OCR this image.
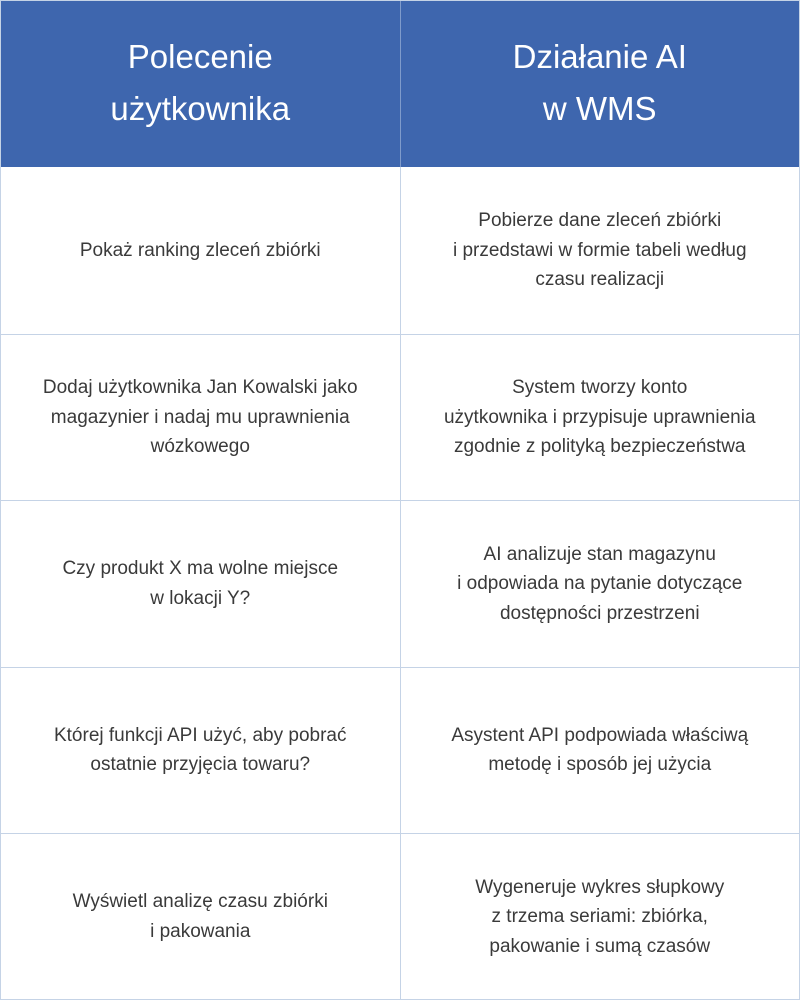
Polecenie
użytkownika
Działanie AI
w WMS
Pokaż ranking zleceń zbiórki
Pobierze dane zleceń zbiórki
i przedstawi w formie tabeli według
czasu realizacji
Dodaj użytkownika Jan Kowalski jako
magazynier i nadaj mu uprawnienia
wózkowego
System tworzy konto
użytkownika i przypisuje uprawnienia
zgodnie z polityką bezpieczeństwa
Czy produkt X ma wolne miejsce
w lokacji Y?
AI analizuje stan magazynu
i odpowiada na pytanie dotyczące
dostępności przestrzeni
Której funkcji API użyć, aby pobrać
ostatnie przyjęcia towaru?
Asystent API podpowiada właściwą
metodę i sposób jej użycia
Wyświetl analizę czasu zbiórki
i pakowania
Wygeneruje wykres słupkowy
z trzema seriami: zbiórka,
pakowanie i sumą czasów
